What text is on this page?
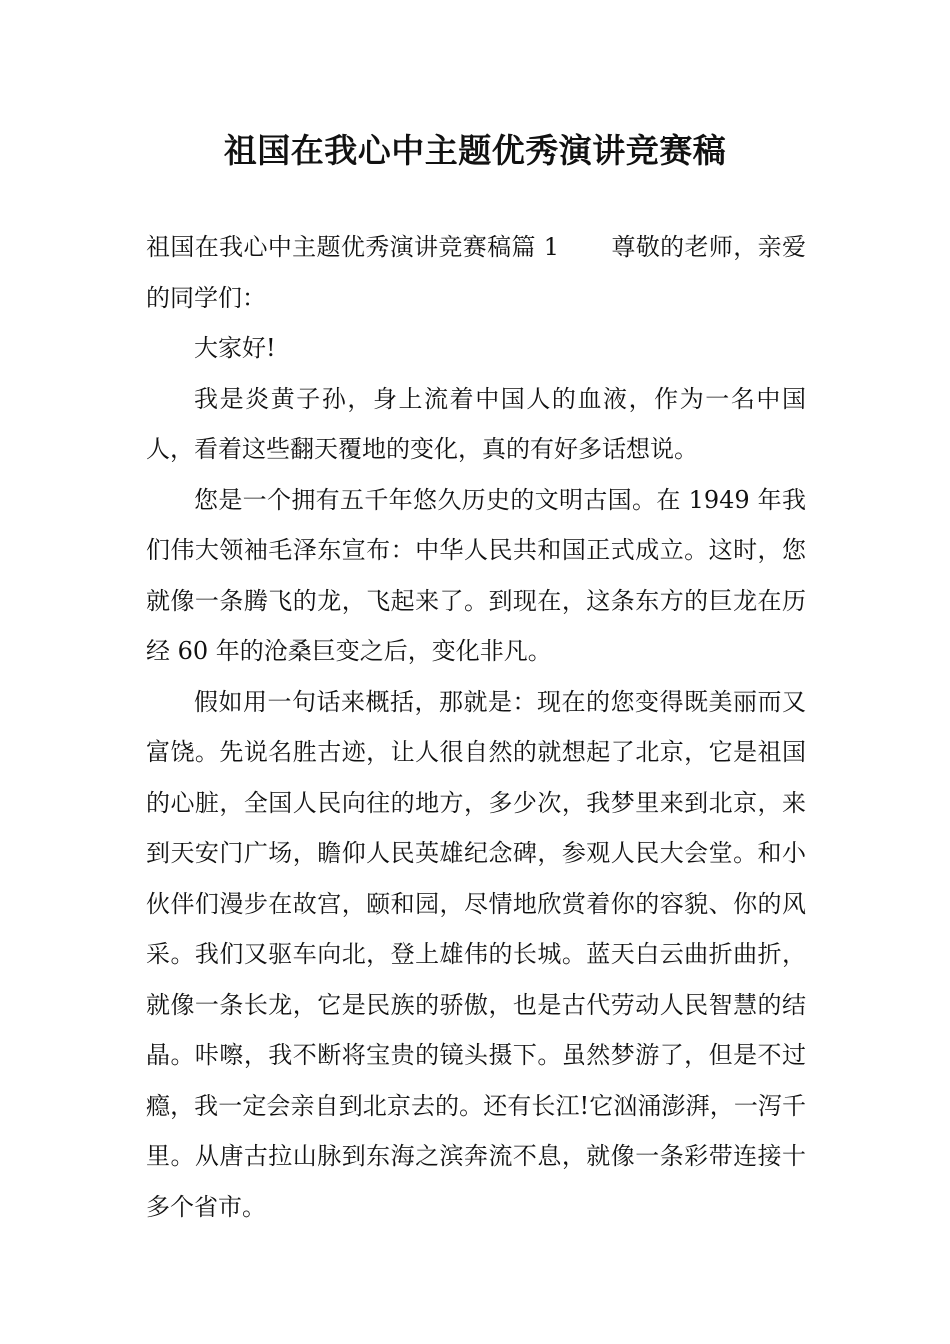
祖国在我心中主题优秀演讲竞赛稿

祖国在我心中主题优秀演讲竞赛稿篇 1 尊敬的老师，亲爱的同学们：

大家好!

我是炎黄子孙，身上流着中国人的血液，作为一名中国人，看着这些翻天覆地的变化，真的有好多话想说。

您是一个拥有五千年悠久历史的文明古国。在 1949 年我们伟大领袖毛泽东宣布：中华人民共和国正式成立。这时，您就像一条腾飞的龙，飞起来了。到现在，这条东方的巨龙在历经 60 年的沧桑巨变之后，变化非凡。

假如用一句话来概括，那就是：现在的您变得既美丽而又富饶。先说名胜古迹，让人很自然的就想起了北京，它是祖国的心脏，全国人民向往的地方，多少次，我梦里来到北京，来到天安门广场，瞻仰人民英雄纪念碑，参观人民大会堂。和小伙伴们漫步在故宫，颐和园，尽情地欣赏着你的容貌、你的风采。我们又驱车向北，登上雄伟的长城。蓝天白云曲折曲折，就像一条长龙，它是民族的骄傲，也是古代劳动人民智慧的结晶。咔嚓，我不断将宝贵的镜头摄下。虽然梦游了，但是不过瘾，我一定会亲自到北京去的。还有长江!它汹涌澎湃，一泻千里。从唐古拉山脉到东海之滨奔流不息，就像一条彩带连接十多个省市。
